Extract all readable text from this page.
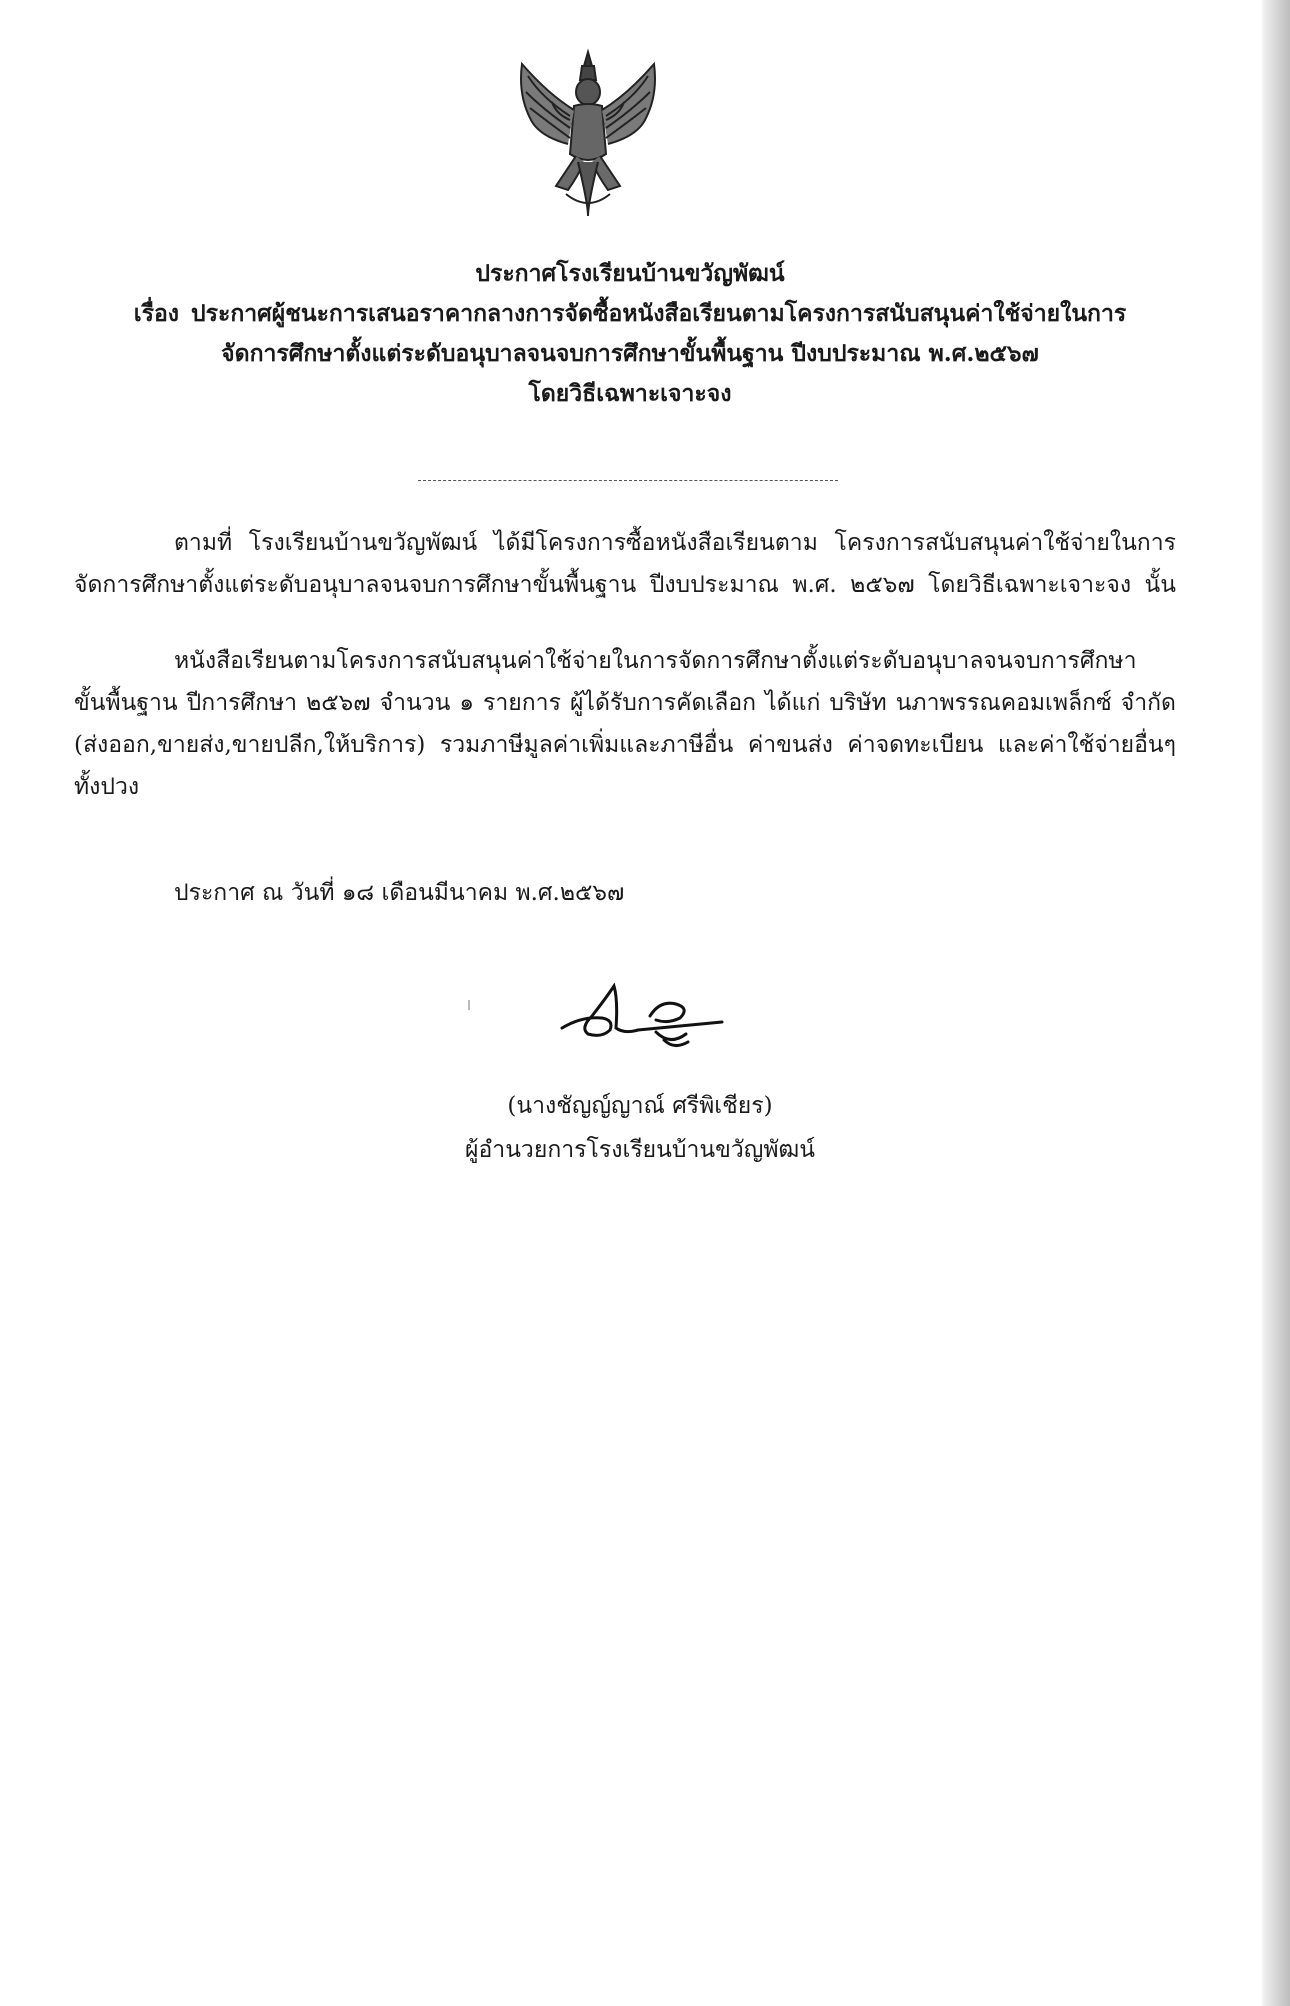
ประกาศโรงเรียนบ้านขวัญพัฒน์
เรื่อง ประกาศผู้ชนะการเสนอราคากลางการจัดซื้อหนังสือเรียนตามโครงการสนับสนุนค่าใช้จ่ายในการ
จัดการศึกษาตั้งแต่ระดับอนุบาลจนจบการศึกษาขั้นพื้นฐาน ปีงบประมาณ พ.ศ.๒๕๖๗
โดยวิธีเฉพาะเจาะจง
ตามที่ โรงเรียนบ้านขวัญพัฒน์ ได้มีโครงการซื้อหนังสือเรียนตาม โครงการสนับสนุนค่าใช้จ่ายในการ
จัดการศึกษาตั้งแต่ระดับอนุบาลจนจบการศึกษาขั้นพื้นฐาน ปีงบประมาณ พ.ศ. ๒๕๖๗ โดยวิธีเฉพาะเจาะจง นั้น
หนังสือเรียนตามโครงการสนับสนุนค่าใช้จ่ายในการจัดการศึกษาตั้งแต่ระดับอนุบาลจนจบการศึกษา
ขั้นพื้นฐาน ปีการศึกษา ๒๕๖๗ จำนวน ๑ รายการ ผู้ได้รับการคัดเลือก ได้แก่ บริษัท นภาพรรณคอมเพล็กซ์ จำกัด
(ส่งออก,ขายส่ง,ขายปลีก,ให้บริการ) รวมภาษีมูลค่าเพิ่มและภาษีอื่น ค่าขนส่ง ค่าจดทะเบียน และค่าใช้จ่ายอื่นๆ
ทั้งปวง
ประกาศ ณ วันที่ ๑๘ เดือนมีนาคม พ.ศ.๒๕๖๗
(นางชัญญ์ญาณ์ ศรีพิเชียร)
ผู้อำนวยการโรงเรียนบ้านขวัญพัฒน์
